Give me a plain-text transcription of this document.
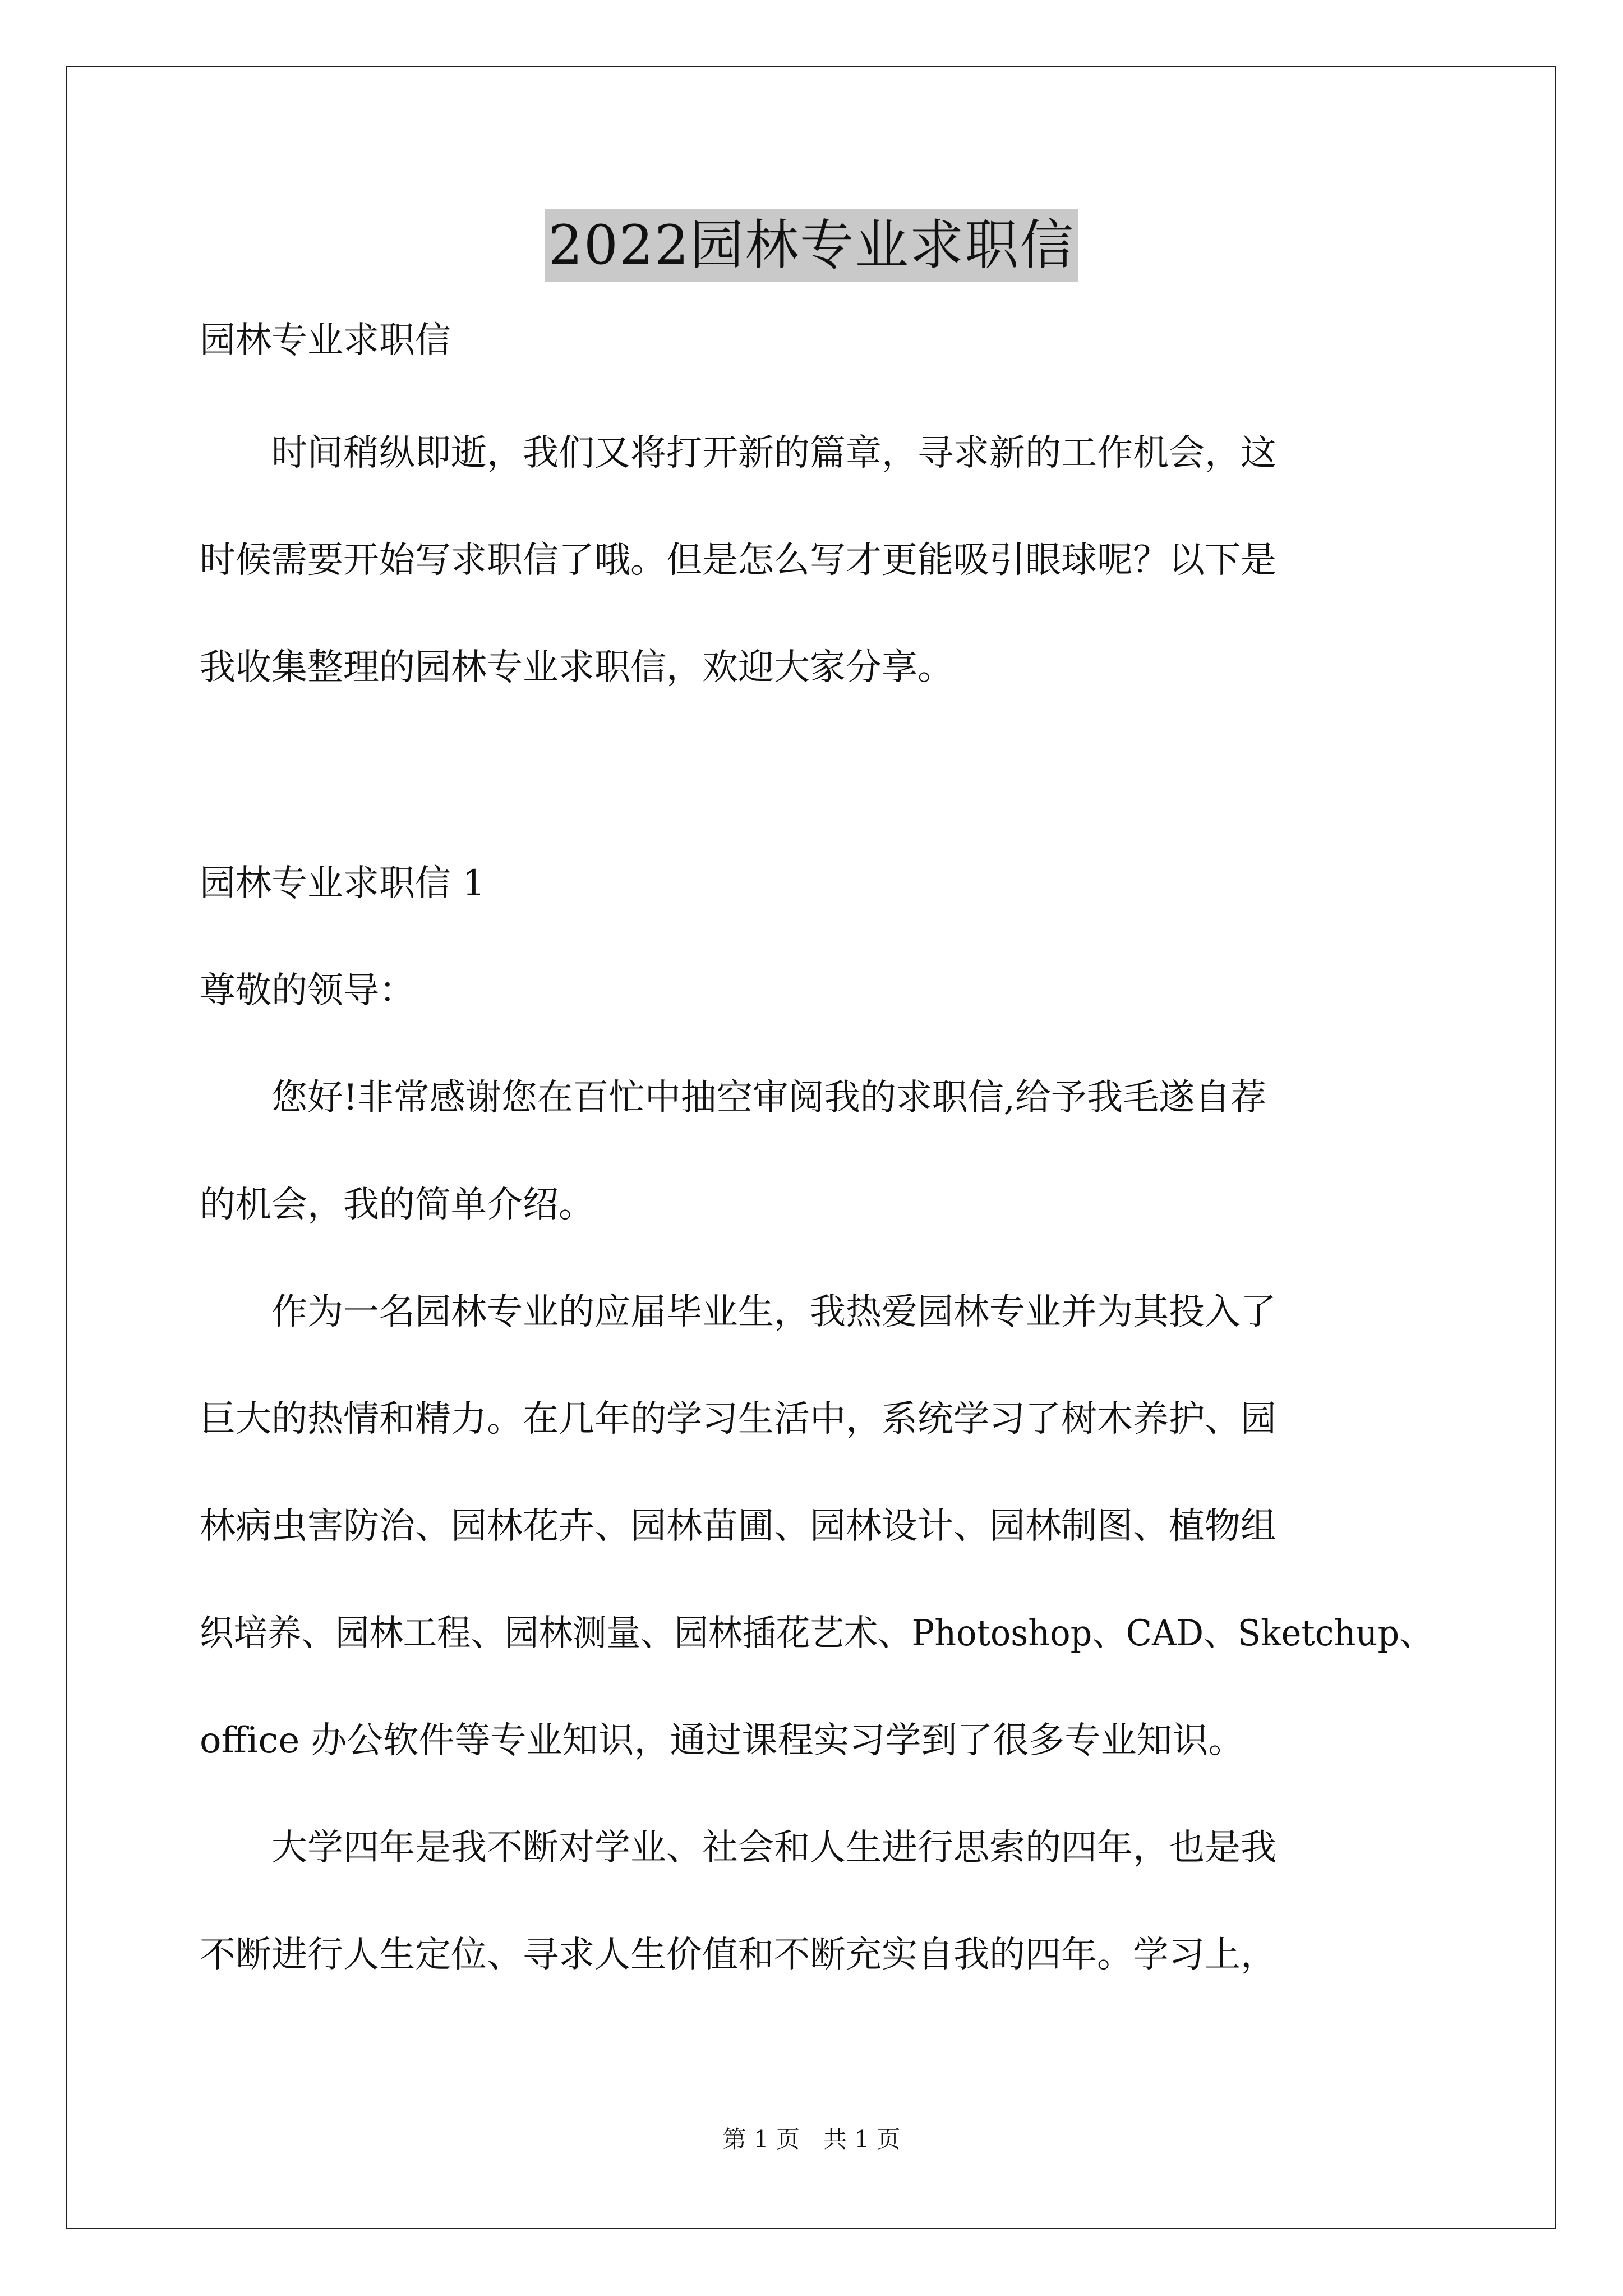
2022园林专业求职信
园林专业求职信
　　时间稍纵即逝，我们又将打开新的篇章，寻求新的工作机会，这
时候需要开始写求职信了哦。但是怎么写才更能吸引眼球呢？以下是
我收集整理的园林专业求职信，欢迎大家分享。
园林专业求职信 1
尊敬的领导：
　　您好!非常感谢您在百忙中抽空审阅我的求职信,给予我毛遂自荐
的机会，我的简单介绍。
　　作为一名园林专业的应届毕业生，我热爱园林专业并为其投入了
巨大的热情和精力。在几年的学习生活中，系统学习了树木养护、园
林病虫害防治、园林花卉、园林苗圃、园林设计、园林制图、植物组
织培养、园林工程、园林测量、园林插花艺术、Photoshop、CAD、Sketchup、
office 办公软件等专业知识，通过课程实习学到了很多专业知识。
　　大学四年是我不断对学业、社会和人生进行思索的四年，也是我
不断进行人生定位、寻求人生价值和不断充实自我的四年。学习上，
第 1 页　共 1 页
